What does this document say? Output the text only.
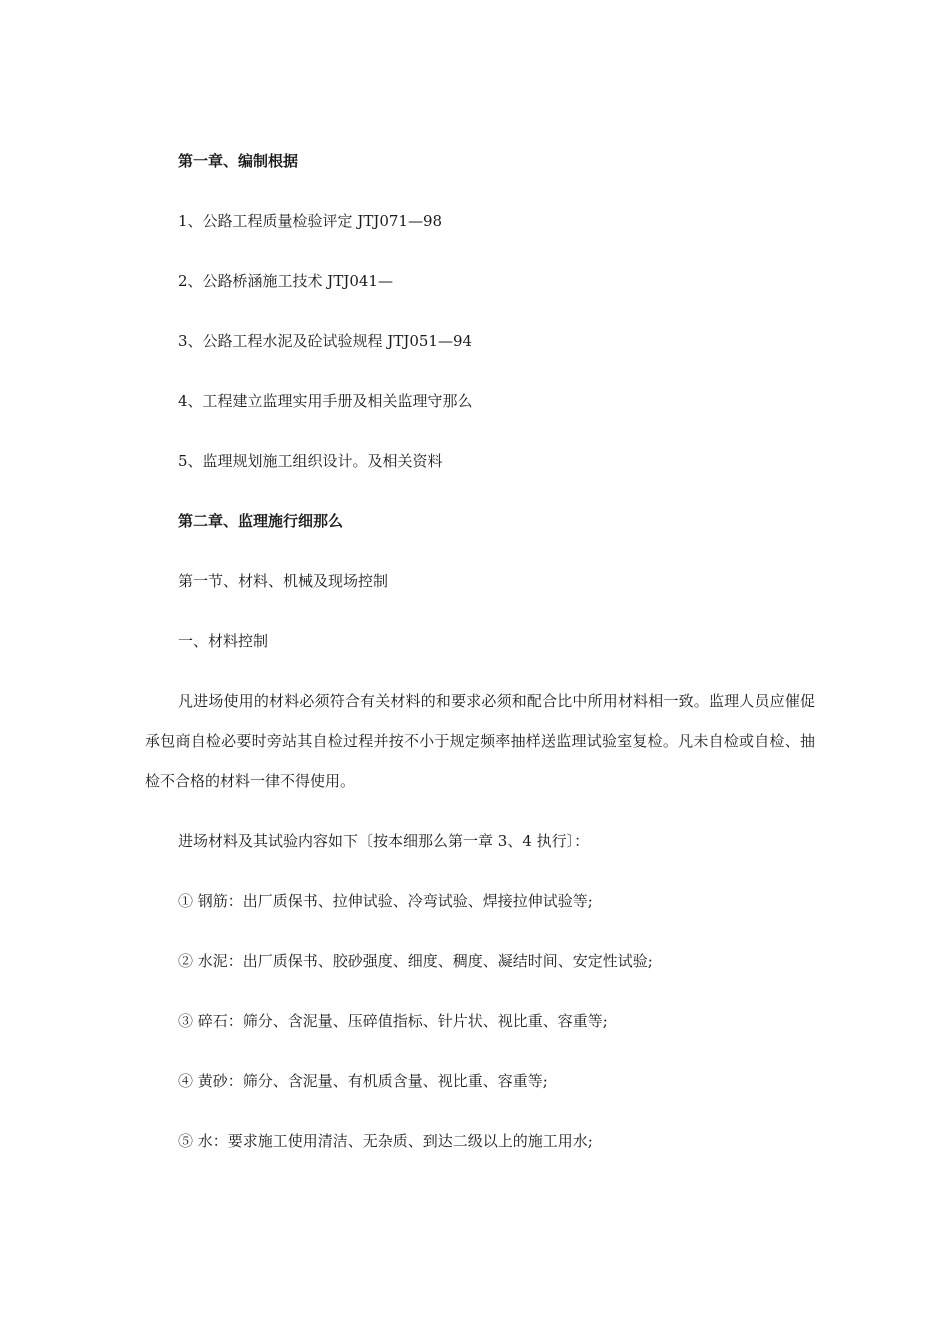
第一章、编制根据
1、公路工程质量检验评定 JTJ071—98
2、公路桥涵施工技术 JTJ041—
3、公路工程水泥及砼试验规程 JTJ051—94
4、工程建立监理实用手册及相关监理守那么
5、监理规划施工组织设计。及相关资料
第二章、监理施行细那么
第一节、材料、机械及现场控制
一、材料控制
凡进场使用的材料必须符合有关材料的和要求必须和配合比中所用材料相一致。监理人员应催促承包商自检必要时旁站其自检过程并按不小于规定频率抽样送监理试验室复检。凡未自检或自检、抽检不合格的材料一律不得使用。
进场材料及其试验内容如下〔按本细那么第一章 3、4 执行〕：
① 钢筋：出厂质保书、拉伸试验、冷弯试验、焊接拉伸试验等;
② 水泥：出厂质保书、胶砂强度、细度、稠度、凝结时间、安定性试验;
③ 碎石：筛分、含泥量、压碎值指标、针片状、视比重、容重等;
④ 黄砂：筛分、含泥量、有机质含量、视比重、容重等;
⑤ 水：要求施工使用清洁、无杂质、到达二级以上的施工用水;
